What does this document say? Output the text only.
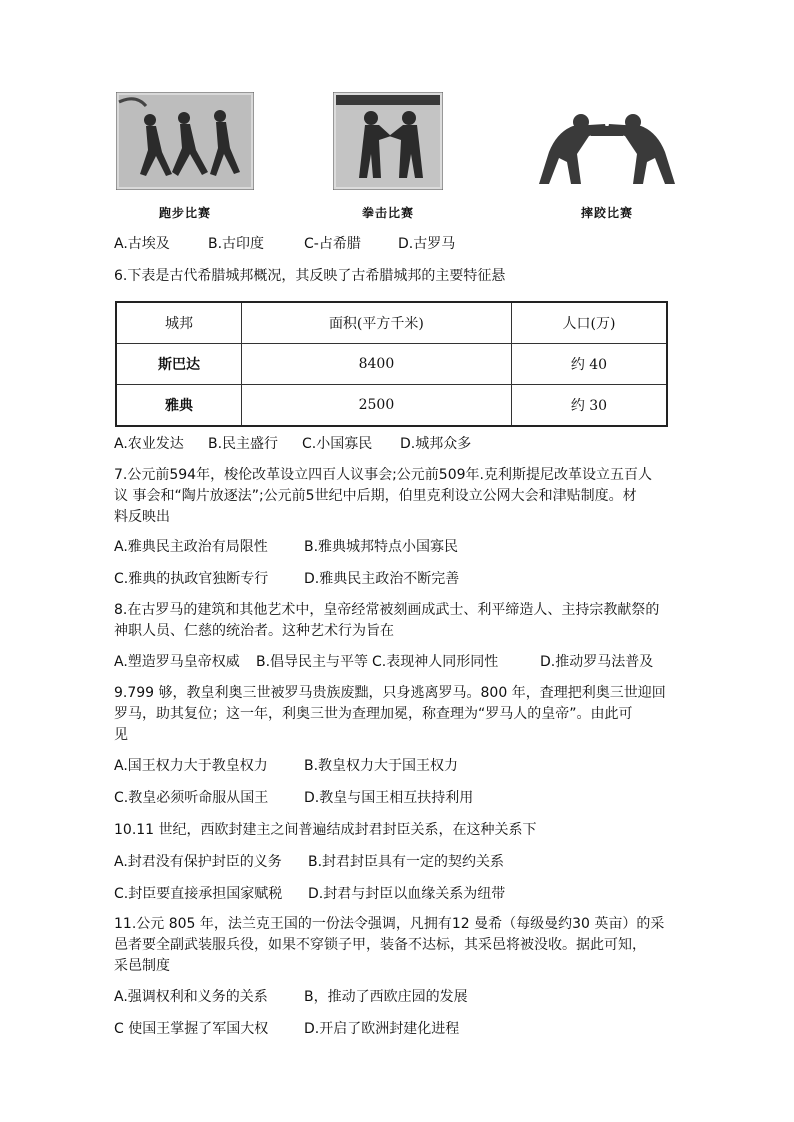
跑步比赛	拳击比赛	摔跤比赛
A.古埃及	B.古印度	C-占希腊	D.古罗马
6.下表是古代希腊城邦概况，其反映了古希腊城邦的主要特征悬
城邦	面积(平方千米)	人口(万)
斯巴达	8400	约 40
雅典	2500	约 30
A.农业发达 B.民主盛行 C.小国寡民 D.城邦众多
7.公元前594年，梭伦改革设立四百人议事会;公元前509年.克利斯提尼改革设立五百人
议 事会和“陶片放逐法”;公元前5世纪中后期，伯里克利设立公网大会和津贴制度。材
料反映出
A.雅典民主政治有局限性	B.雅典城邦特点小国寡民
C.雅典的执政官独断专行	D.雅典民主政治不断完善
8.在古罗马的建筑和其他艺术中，皇帝经常被刻画成武士、利平缔造人、主持宗教献祭的
神职人员、仁慈的统治者。这种艺术行为旨在
A.塑造罗马皇帝权威 B.倡导民主与平等 C.表现神人同形同性	D.推动罗马法普及
9.799 够，教皇利奥三世被罗马贵族废黜，只身逃离罗马。800 年，査理把利奥三世迎回
罗马，助其复位；这一年，利奥三世为查理加冕，称查理为“罗马人的皇帝”。由此可
见
A.国王权力大于教皇权力	B.教皇权力大于国王权力
C.教皇必须听命服从国王	D.教皇与国王相互扶持利用
10.11 世纪，西欧封建主之间普遍结成封君封臣关系，在这种关系下
A.封君没有保护封臣的义务 B.封君封臣具有一定的契约关系
C.封臣要直接承担国家赋税 D.封君与封臣以血缘关系为纽带
11.公元 805 年，法兰克王国的一份法令强调，凡拥有12 曼希（每级曼约30 英亩）的采
邑者要全副武装服兵役，如果不穿锁子甲，装备不达标，其采邑将被没收。据此可知，
采邑制度
A.强调权利和义务的关系	B，推动了西欧庄园的发展
C 使国王掌握了军国大权	D.开启了欧洲封建化进程
